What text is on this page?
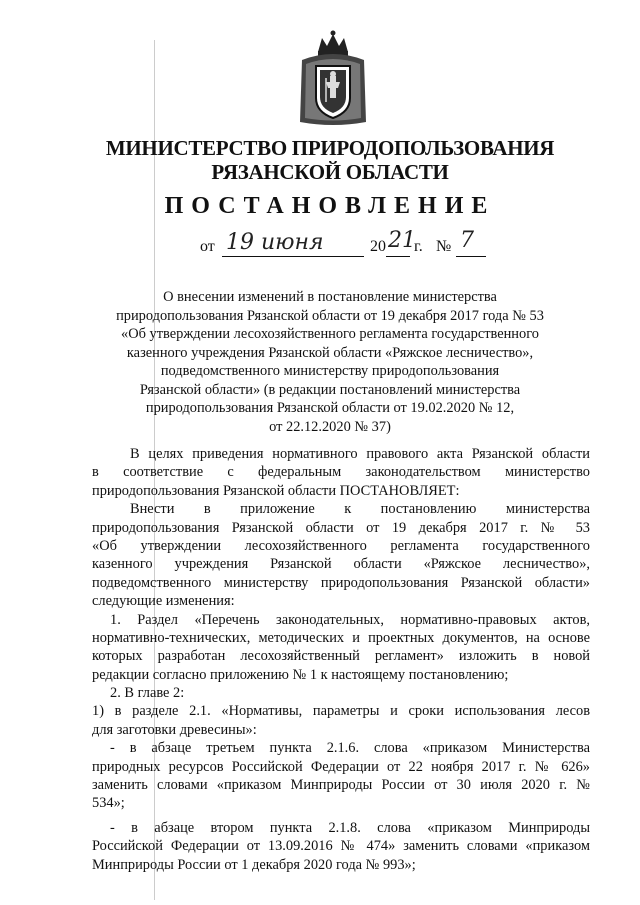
МИНИСТЕРСТВО ПРИРОДОПОЛЬЗОВАНИЯ
РЯЗАНСКОЙ ОБЛАСТИ
ПОСТАНОВЛЕНИЕ
от 19 июня	20 21
г. № 7
О внесении изменений в постановление министерства
природопользования Рязанской области от 19 декабря 2017 года № 53
«Об утверждении лесохозяйственного регламента государственного
казенного учреждения Рязанской области «Ряжское лесничество»,
подведомственного министерству природопользования
Рязанской области» (в редакции постановлений министерства
природопользования Рязанской области от 19.02.2020 № 12,
от 22.12.2020 № 37)
В целях приведения нормативного правового акта Рязанской области
в соответствие с федеральным законодательством министерство
природопользования Рязанской области ПОСТАНОВЛЯЕТ:
Внести в приложение к постановлению министерства
природопользования Рязанской области от 19 декабря 2017 г. № 53
«Об утверждении лесохозяйственного регламента государственного
казенного учреждения Рязанской области «Ряжское лесничество»,
подведомственного министерству природопользования Рязанской области»
следующие изменения:
1. Раздел «Перечень законодательных, нормативно-правовых актов,
нормативно-технических, методических и проектных документов, на основе
которых разработан лесохозяйственный регламент» изложить в новой
редакции согласно приложению № 1 к настоящему постановлению;
2. В главе 2:
1) в разделе 2.1. «Нормативы, параметры и сроки использования лесов
для заготовки древесины»:
- в абзаце третьем пункта 2.1.6. слова «приказом Министерства
природных ресурсов Российской Федерации от 22 ноября 2017 г. № 626»
заменить словами «приказом Минприроды России от 30 июля 2020 г. №
534»;
- в абзаце втором пункта 2.1.8. слова «приказом Минприроды
Российской Федерации от 13.09.2016 № 474» заменить словами «приказом
Минприроды России от 1 декабря 2020 года № 993»;
